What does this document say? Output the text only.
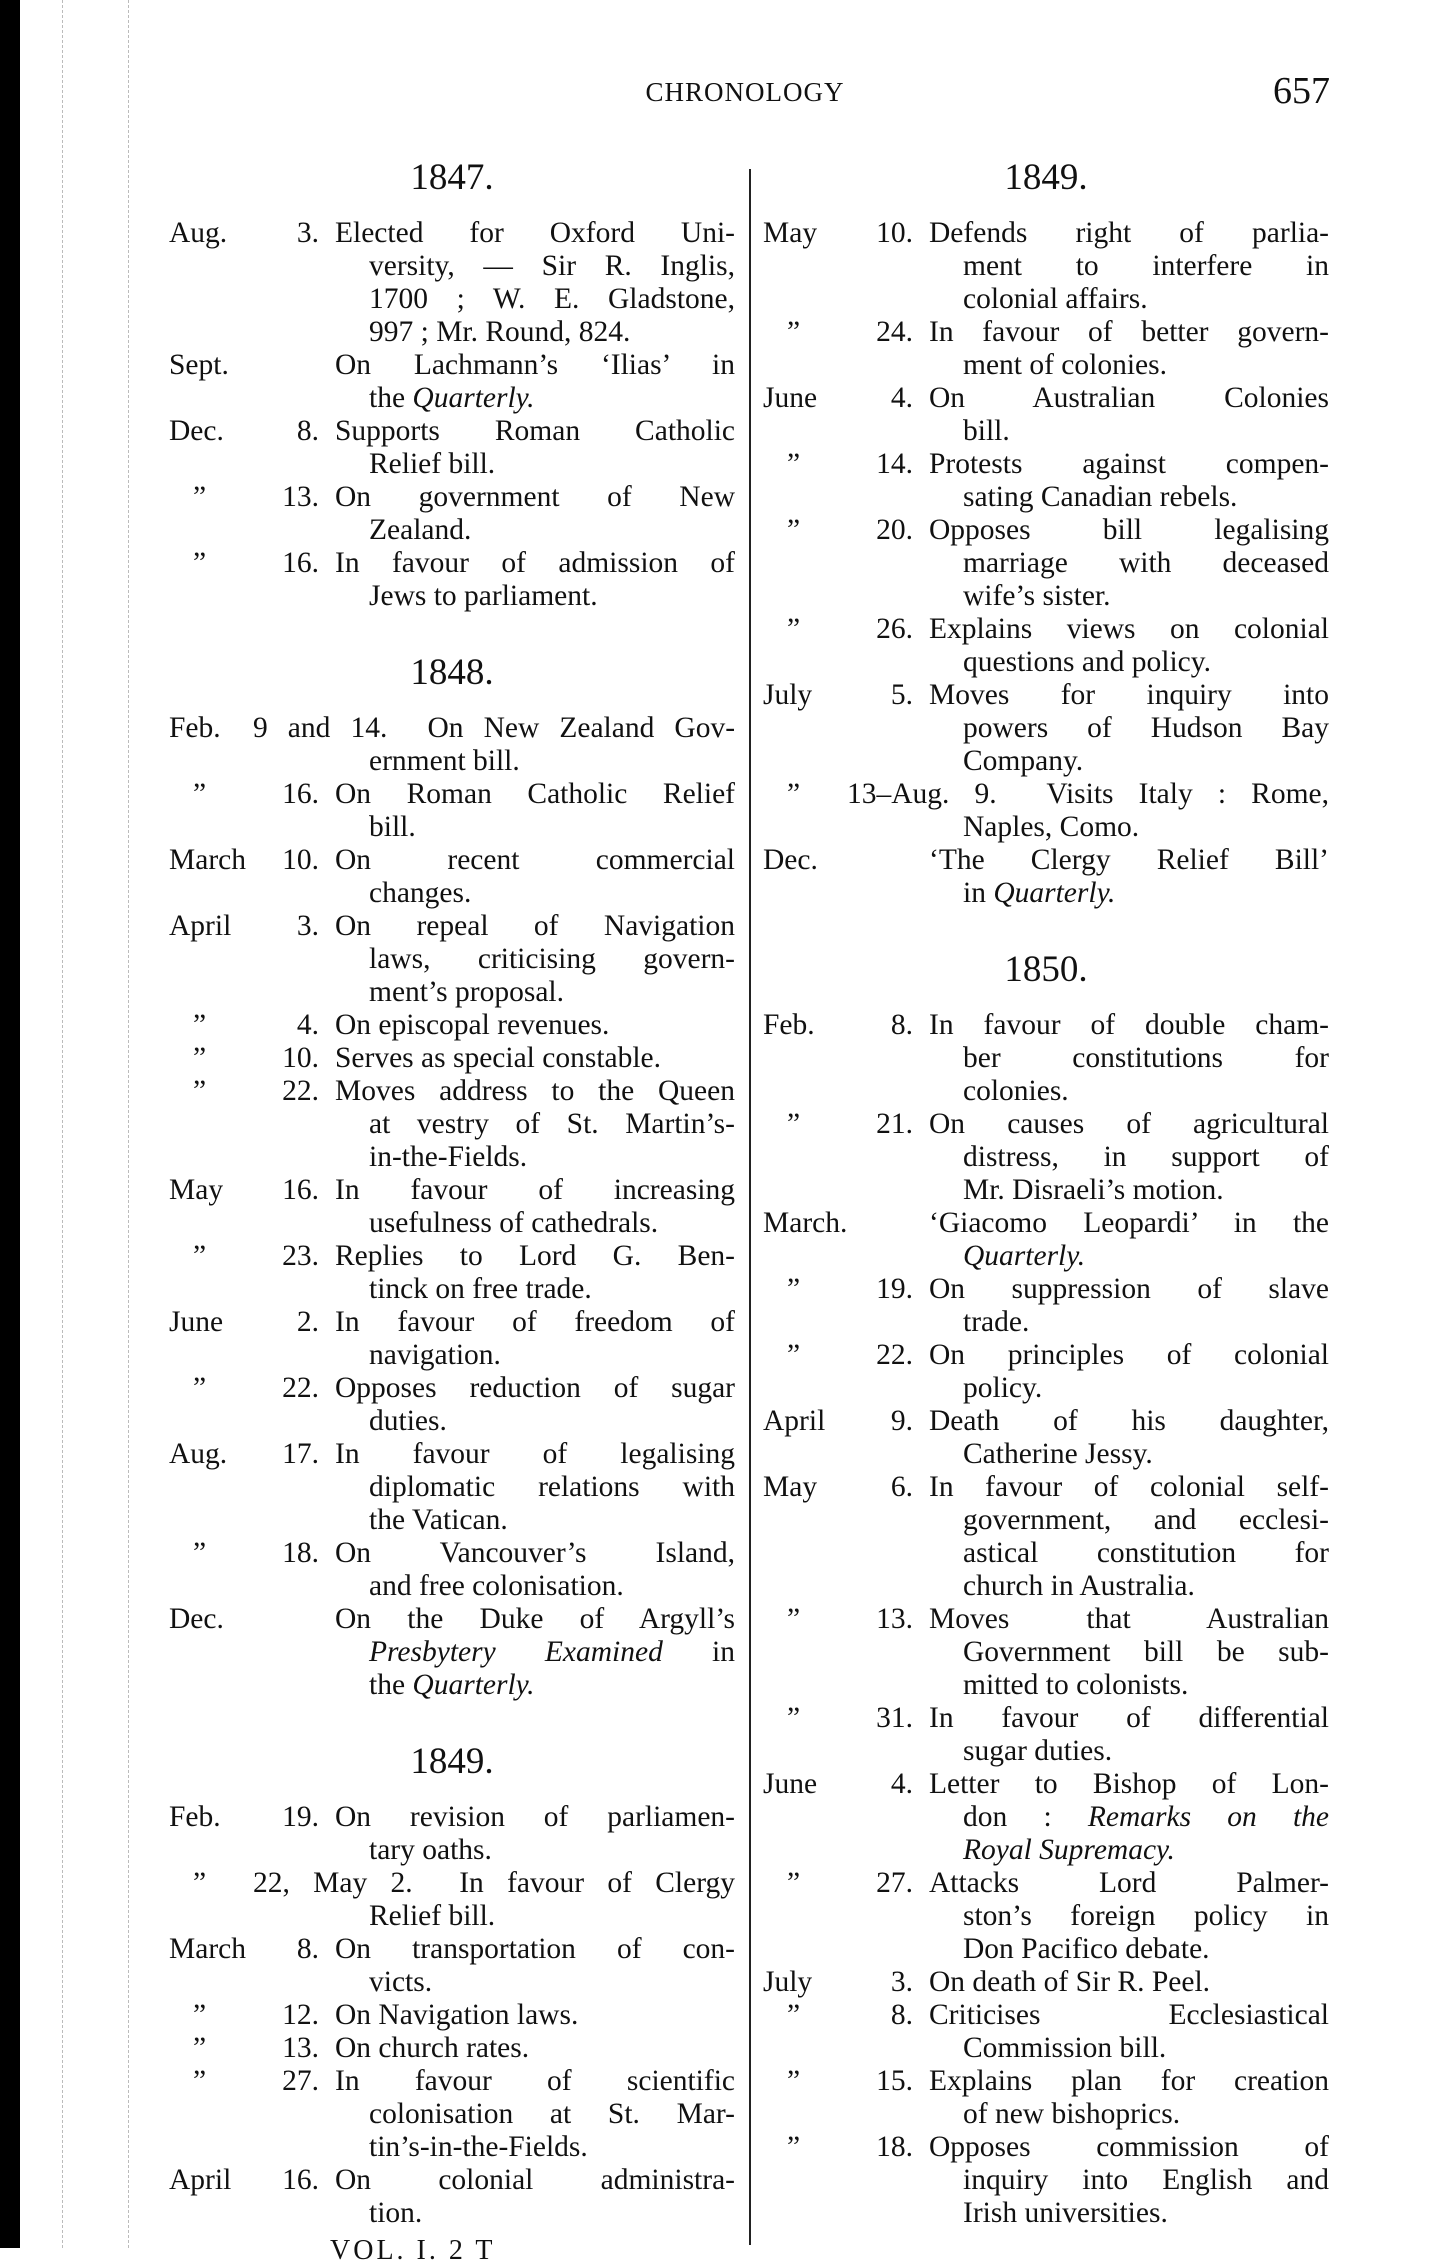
CHRONOLOGY	657
1847.
Aug. 3. Elected for Oxford Uni-
versity, — Sir R. Inglis,
1700 ; W. E. Gladstone,
997 ; Mr. Round, 824.
Sept.	On Lachmann’s ‘Ilias’ in
the Quarterly.
Dec. 8. Supports Roman Catholic
Relief bill.
”	13. On government of New
Zealand.
”	16. In favour of admission of
Jews to parliament.
1848.
Feb. 9 and 14. On New Zealand Gov-
ernment bill.
”	16. On Roman Catholic Relief
bill.
March 10. On recent commercial
changes.
April 3. On repeal of Navigation
laws, criticising govern-
ment’s proposal.
”	4. On episcopal revenues.
”	10. Serves as special constable.
”	22. Moves address to the Queen
at vestry of St. Martin’s-
in-the-Fields.
May 16. In favour of increasing
usefulness of cathedrals.
”	23. Replies to Lord G. Ben-
tinck on free trade.
June	2. In favour of freedom of
navigation.
”	22. Opposes reduction of sugar
duties.
Aug. 17. In favour of legalising
diplomatic relations with
the Vatican.
”	18. On Vancouver’s Island,
and free colonisation.
Dec.	On the Duke of Argyll’s
Presbytery Examined in
the Quarterly.
1849.
Feb. 19. On revision of parliamen-
tary oaths.
” 22, May 2. In favour of Clergy
Relief bill.
March 8. On transportation of con-
victs.
”	12. On Navigation laws.
”	13. On church rates.
”	27. In favour of scientific
colonisation at St. Mar-
tin’s-in-the-Fields.
April 16. On colonial administra-
tion.
1849.
May 10. Defends right of parlia-
ment to interfere in
colonial affairs.
”	24. In favour of better govern-
ment of colonies.
June	4. On Australian Colonies
bill.
”	14. Protests against compen-
sating Canadian rebels.
”	20. Opposes bill legalising
marriage with deceased
wife’s sister.
”	26. Explains views on colonial
questions and policy.
July	5. Moves for inquiry into
powers of Hudson Bay
Company.
” 13–Aug. 9. Visits Italy : Rome,
Naples, Como.
Dec.	‘The Clergy Relief Bill’
in Quarterly.
1850.
Feb.	8. In favour of double cham-
ber constitutions for
colonies.
”	21. On causes of agricultural
distress, in support of
Mr. Disraeli’s motion.
March.	‘Giacomo Leopardi’ in the
Quarterly.
”	19. On suppression of slave
trade.
”	22. On principles of colonial
policy.
April 9. Death of his daughter,
Catherine Jessy.
May	6. In favour of colonial self-
government, and ecclesi-
astical constitution for
church in Australia.
”	13. Moves that Australian
Government bill be sub-
mitted to colonists.
”	31. In favour of differential
sugar duties.
June	4. Letter to Bishop of Lon-
don : Remarks on the
Royal Supremacy.
”	27. Attacks Lord Palmer-
ston’s foreign policy in
Don Pacifico debate.
July	3. On death of Sir R. Peel.
”	8. Criticises Ecclesiastical
Commission bill.
”	15. Explains plan for creation
of new bishoprics.
”	18. Opposes commission of
inquiry into English and
Irish universities.
VOL. I. 2 T
